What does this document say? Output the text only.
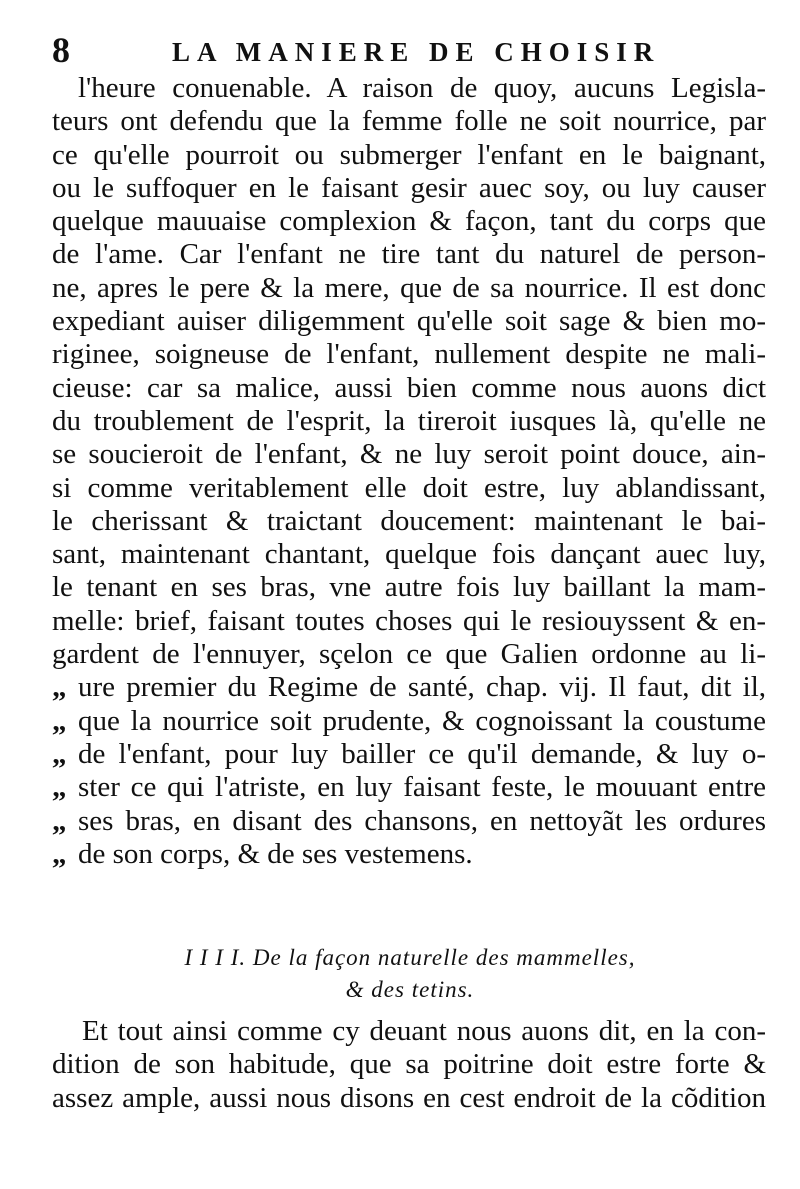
8	LA MANIERE DE CHOISIR
l'heure conuenable. A raison de quoy, aucuns Legisla-
teurs ont defendu que la femme folle ne soit nourrice, par
ce qu'elle pourroit ou submerger l'enfant en le baignant,
ou le suffoquer en le faisant gesir auec soy, ou luy causer
quelque mauuaise complexion & façon, tant du corps que
de l'ame. Car l'enfant ne tire tant du naturel de person-
ne, apres le pere & la mere, que de sa nourrice. Il est donc
expediant auiser diligemment qu'elle soit sage & bien mo-
riginee, soigneuse de l'enfant, nullement despite ne mali-
cieuse: car sa malice, aussi bien comme nous auons dict
du troublement de l'esprit, la tireroit iusques là, qu'elle ne
se soucieroit de l'enfant, & ne luy seroit point douce, ain-
si comme veritablement elle doit estre, luy ablandissant,
le cherissant & traictant doucement: maintenant le bai-
sant, maintenant chantant, quelque fois dançant auec luy,
le tenant en ses bras, vne autre fois luy baillant la mam-
melle: brief, faisant toutes choses qui le resiouyssent & en-
gardent de l'ennuyer, sçelon ce que Galien ordonne au li-
„ ure premier du Regime de santé, chap. vij. Il faut, dit il,
„ que la nourrice soit prudente, & cognoissant la coustume
„ de l'enfant, pour luy bailler ce qu'il demande, & luy o-
„ ster ce qui l'atriste, en luy faisant feste, le mouuant entre
„ ses bras, en disant des chansons, en nettoyãt les ordures
„ de son corps, & de ses vestemens.
I I I I. De la façon naturelle des mammelles,
& des tetins.
Et tout ainsi comme cy deuant nous auons dit, en la con-
dition de son habitude, que sa poitrine doit estre forte &
assez ample, aussi nous disons en cest endroit de la cõdition
